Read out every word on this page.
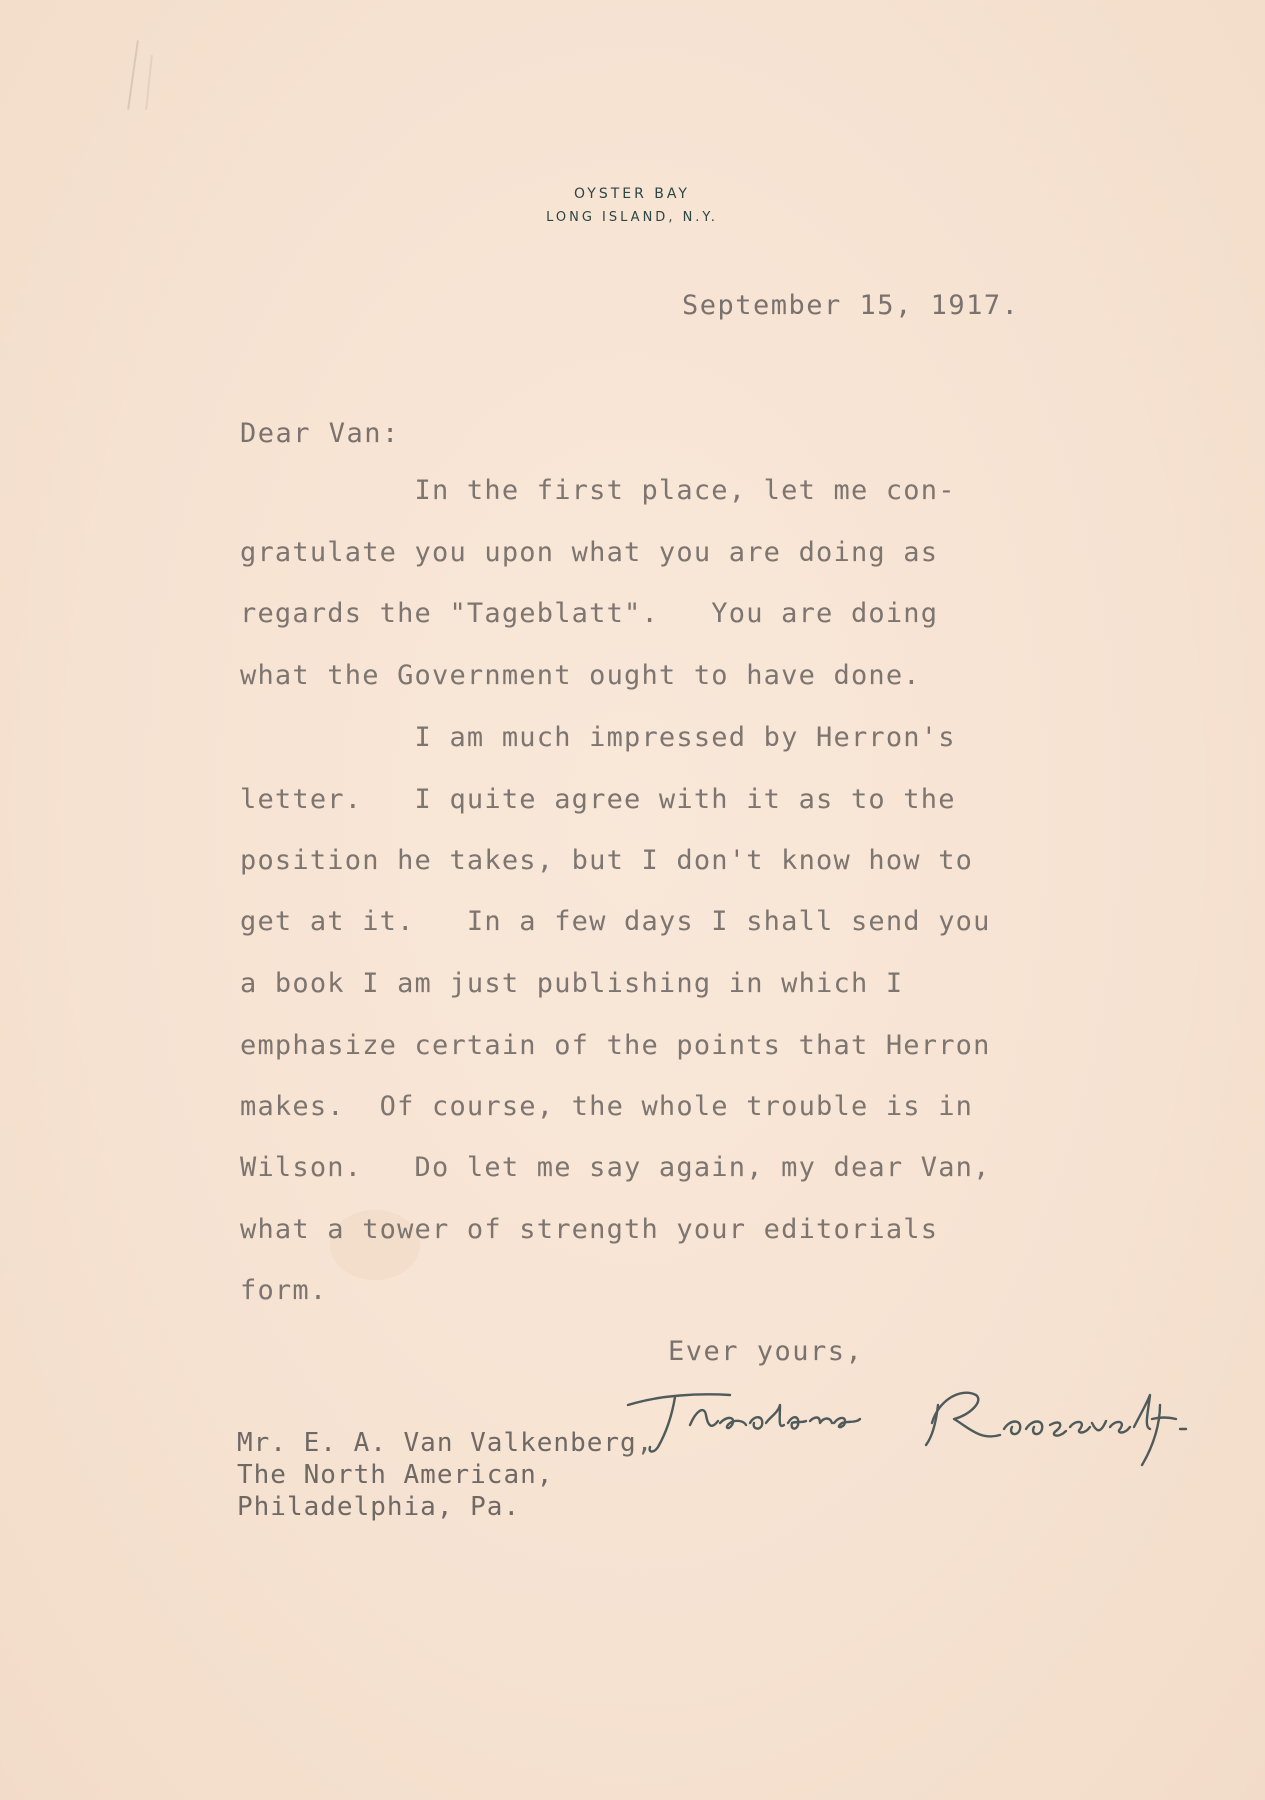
OYSTER BAY
LONG ISLAND, N.Y.
September 15, 1917.
Dear Van:
In the first place, let me con-
gratulate you upon what you are doing as
regards the "Tageblatt".   You are doing
what the Government ought to have done.
I am much impressed by Herron's
letter.   I quite agree with it as to the
position he takes, but I don't know how to
get at it.   In a few days I shall send you
a book I am just publishing in which I
emphasize certain of the points that Herron
makes.  Of course, the whole trouble is in
Wilson.   Do let me say again, my dear Van,
what a tower of strength your editorials
form.
Ever yours,
Mr. E. A. Van Valkenberg,
The North American,
Philadelphia, Pa.
